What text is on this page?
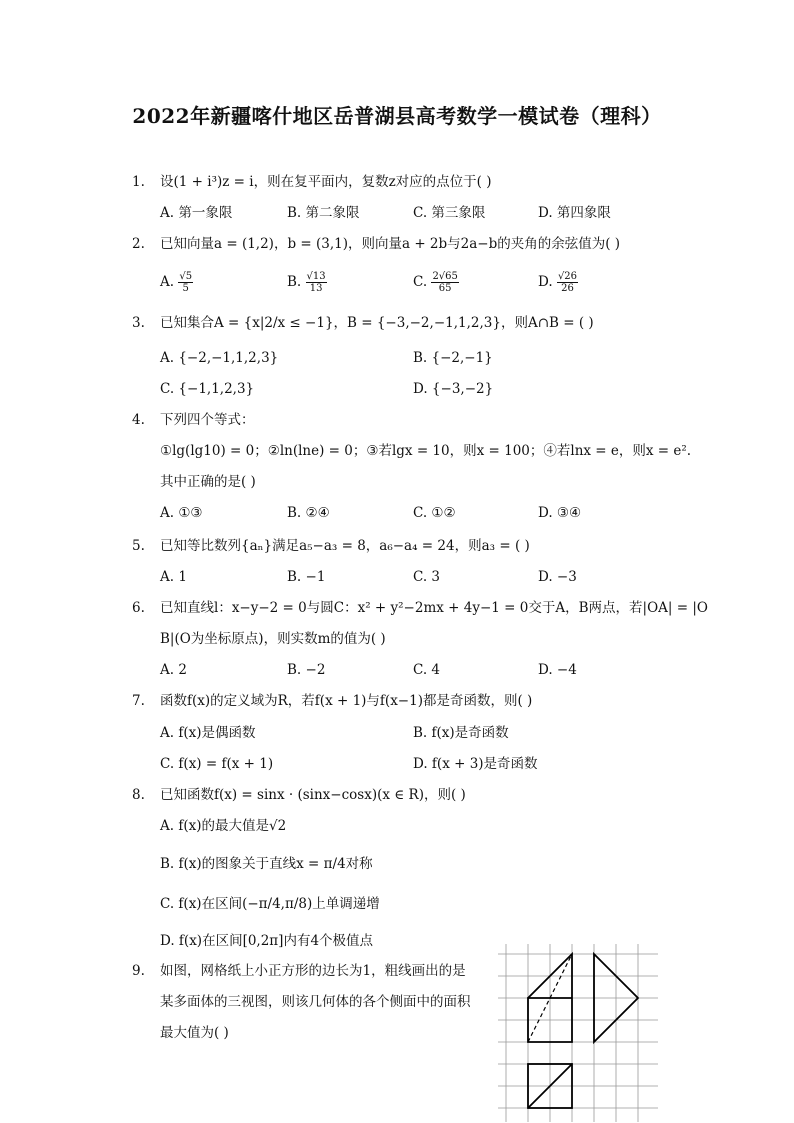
2022年新疆喀什地区岳普湖县高考数学一模试卷（理科）
1. 设(1 + i³)z = i，则在复平面内，复数z对应的点位于( )
A. 第一象限	B. 第二象限	C. 第三象限	D. 第四象限
2. 已知向量a = (1,2)，b = (3,1)，则向量a + 2b与2a−b的夹角的余弦值为( )
A. $\frac{√5}{5}$	B. $\frac{√13}{13}$	C. $\frac{2√65}{65}$	D. $\frac{√26}{26}$
3. 已知集合A = {x|2/x ≤ −1}，B = {−3,−2,−1,1,2,3}，则A∩B = ( )
A. {−2,−1,1,2,3}	B. {−2,−1}
C. {−1,1,2,3}	D. {−3,−2}
4. 下列四个等式：
①lg(lg10) = 0；②ln(lne) = 0；③若lgx = 10，则x = 100；④若lnx = e，则x = e².
其中正确的是( )
A. ①③	B. ②④	C. ①②	D. ③④
5. 已知等比数列{aₙ}满足a₅−a₃ = 8，a₆−a₄ = 24，则a₃ = ( )
A. 1	B. −1	C. 3	D. −3
6. 已知直线l：x−y−2 = 0与圆C：x² + y²−2mx + 4y−1 = 0交于A，B两点，若|OA| = |O
B|(O为坐标原点)，则实数m的值为( )
A. 2	B. −2	C. 4	D. −4
7. 函数f(x)的定义域为R，若f(x + 1)与f(x−1)都是奇函数，则( )
A. f(x)是偶函数	B. f(x)是奇函数
C. f(x) = f(x + 1)	D. f(x + 3)是奇函数
8. 已知函数f(x) = sinx · (sinx−cosx)(x ∈ R)，则( )
A. f(x)的最大值是√2
B. f(x)的图象关于直线x = π/4对称
C. f(x)在区间(−π/4,π/8)上单调递增
D. f(x)在区间[0,2π]内有4个极值点
9. 如图，网格纸上小正方形的边长为1，粗线画出的是
某多面体的三视图，则该几何体的各个侧面中的面积
最大值为( )
